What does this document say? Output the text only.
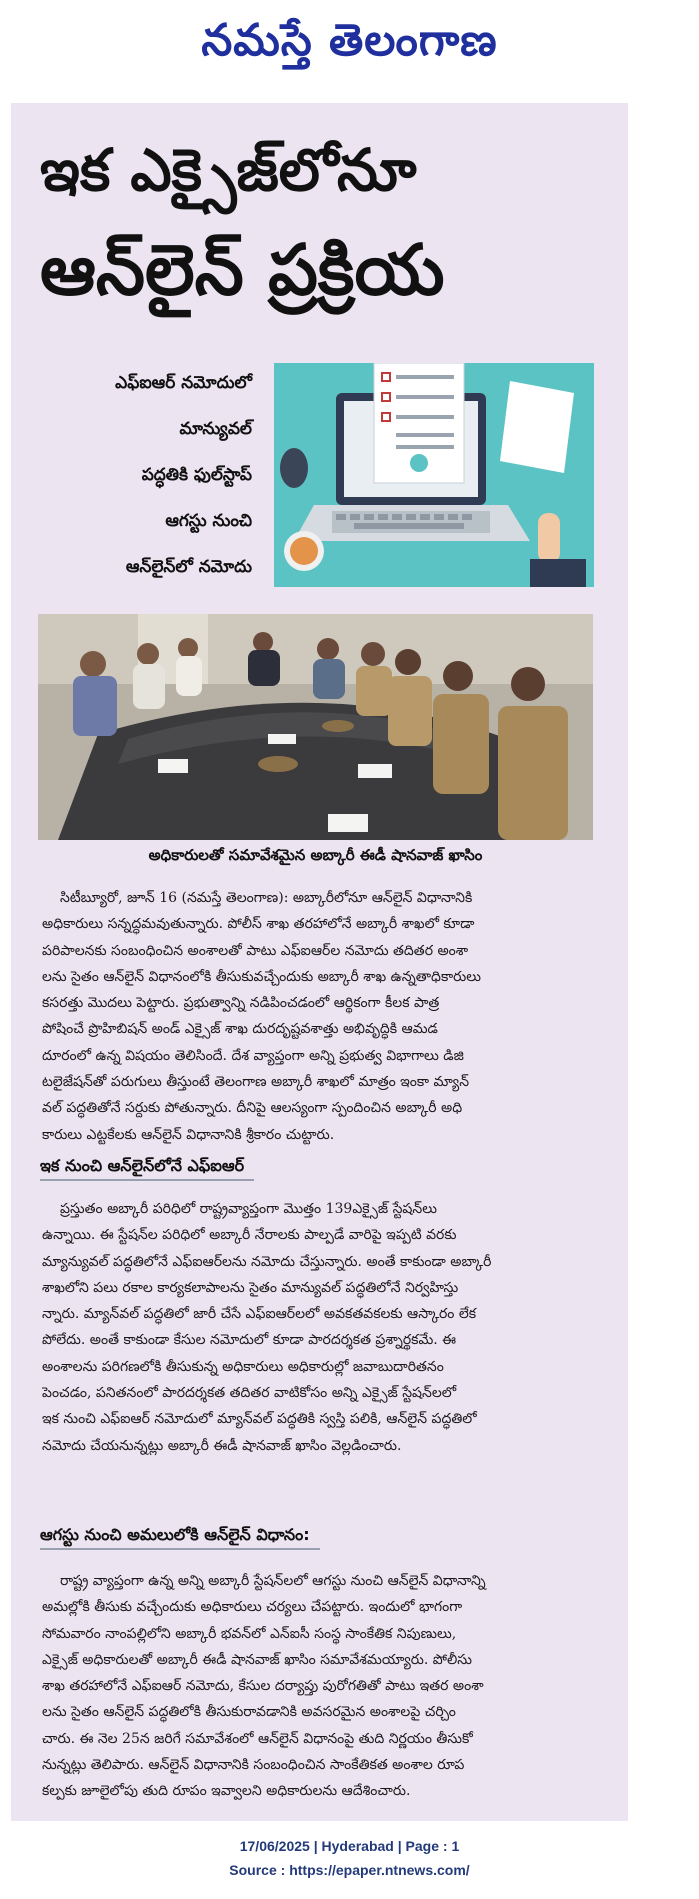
నమస్తే తెలంగాణ
ఇక ఎక్సైజ్‌లోనూ
ఆన్‌లైన్ ప్రక్రియ
ఎఫ్ఐఆర్ నమోదులో
మాన్యువల్
పద్ధతికి ఫుల్‌స్టాప్
ఆగస్టు నుంచి
ఆన్‌లైన్‌లో నమోదు
అధికారులతో సమావేశమైన అబ్కారీ ఈడీ షానవాజ్ ఖాసిం
సిటీబ్యూరో, జూన్ 16 (నమస్తే తెలంగాణ): అబ్కారీలోనూ ఆన్‌లైన్ విధానానికి
అధికారులు సన్నద్ధమవుతున్నారు. పోలీస్ శాఖ తరహాలోనే అబ్కారీ శాఖలో కూడా
పరిపాలనకు సంబంధించిన అంశాలతో పాటు ఎఫ్ఐఆర్‌ల నమోదు తదితర అంశా
లను సైతం ఆన్‌లైన్ విధానంలోకి తీసుకువచ్చేందుకు అబ్కారీ శాఖ ఉన్నతాధికారులు
కసరత్తు మొదలు పెట్టారు. ప్రభుత్వాన్ని నడిపించడంలో ఆర్థికంగా కీలక పాత్ర
పోషించే ప్రొహిబిషన్ అండ్ ఎక్సైజ్ శాఖ దురదృష్టవశాత్తు అభివృద్ధికి ఆమడ
దూరంలో ఉన్న విషయం తెలిసిందే. దేశ వ్యాప్తంగా అన్ని ప్రభుత్వ విభాగాలు డిజి
టలైజేషన్‌తో పరుగులు తీస్తుంటే తెలంగాణ అబ్కారీ శాఖలో మాత్రం ఇంకా మ్యాన్
వల్ పద్ధతితోనే సర్దుకు పోతున్నారు. దీనిపై ఆలస్యంగా స్పందించిన అబ్కారీ అధి
కారులు ఎట్టకేలకు ఆన్‌లైన్ విధానానికి శ్రీకారం చుట్టారు.
ఇక నుంచి ఆన్‌లైన్‌లోనే ఎఫ్ఐఆర్
ప్రస్తుతం అబ్కారీ పరిధిలో రాష్ట్రవ్యాప్తంగా మొత్తం 139ఎక్సైజ్ స్టేషన్‌లు
ఉన్నాయి. ఈ స్టేషన్‌ల పరిధిలో అబ్కారీ నేరాలకు పాల్పడే వారిపై ఇప్పటి వరకు
మ్యాన్యువల్ పద్ధతిలోనే ఎఫ్ఐఆర్‌లను నమోదు చేస్తున్నారు. అంతే కాకుండా అబ్కారీ
శాఖలోని పలు రకాల కార్యకలాపాలను సైతం మాన్యువల్ పద్ధతిలోనే నిర్వహిస్తు
న్నారు. మ్యాన్‌వల్ పద్ధతిలో జారీ చేసే ఎఫ్ఐఆర్‌లలో అవకతవకలకు ఆస్కారం లేక
పోలేదు. అంతే కాకుండా కేసుల నమోదులో కూడా పారదర్శకత ప్రశ్నార్థకమే. ఈ
అంశాలను పరిగణలోకి తీసుకున్న అధికారులు అధికారుల్లో జవాబుదారితనం
పెంచడం, పనితనంలో పారదర్శకత తదితర వాటికోసం అన్ని ఎక్సైజ్ స్టేషన్‌లలో
ఇక నుంచి ఎఫ్ఐఆర్ నమోదులో మ్యాన్‌వల్ పద్ధతికి స్వస్తి పలికి, ఆన్‌లైన్ పద్ధతిలో
నమోదు చేయనున్నట్లు అబ్కారీ ఈడీ షానవాజ్ ఖాసిం వెల్లడించారు.
ఆగస్టు నుంచి అమలులోకి ఆన్‌లైన్ విధానం:
రాష్ట్ర వ్యాప్తంగా ఉన్న అన్ని అబ్కారీ స్టేషన్‌లలో ఆగస్టు నుంచి ఆన్‌లైన్ విధానాన్ని
అమల్లోకి తీసుకు వచ్చేందుకు అధికారులు చర్యలు చేపట్టారు. ఇందులో భాగంగా
సోమవారం నాంపల్లిలోని అబ్కారీ భవన్‌లో ఎన్ఐసీ సంస్థ సాంకేతిక నిపుణులు,
ఎక్సైజ్ అధికారులతో అబ్కారీ ఈడీ షానవాజ్ ఖాసిం సమావేశమయ్యారు. పోలీసు
శాఖ తరహాలోనే ఎఫ్ఐఆర్ నమోదు, కేసుల దర్యాప్తు పురోగతితో పాటు ఇతర అంశా
లను సైతం ఆన్‌లైన్ పద్ధతిలోకి తీసుకురావడానికి అవసరమైన అంశాలపై చర్చిం
చారు. ఈ నెల 25న జరిగే సమావేశంలో ఆన్‌లైన్ విధానంపై తుది నిర్ణయం తీసుకో
నున్నట్లు తెలిపారు. ఆన్‌లైన్ విధానానికి సంబంధించిన సాంకేతికత అంశాల రూప
కల్పకు జూలైలోపు తుది రూపం ఇవ్వాలని అధికారులను ఆదేశించారు.
17/06/2025 | Hyderabad | Page : 1
Source : https://epaper.ntnews.com/
